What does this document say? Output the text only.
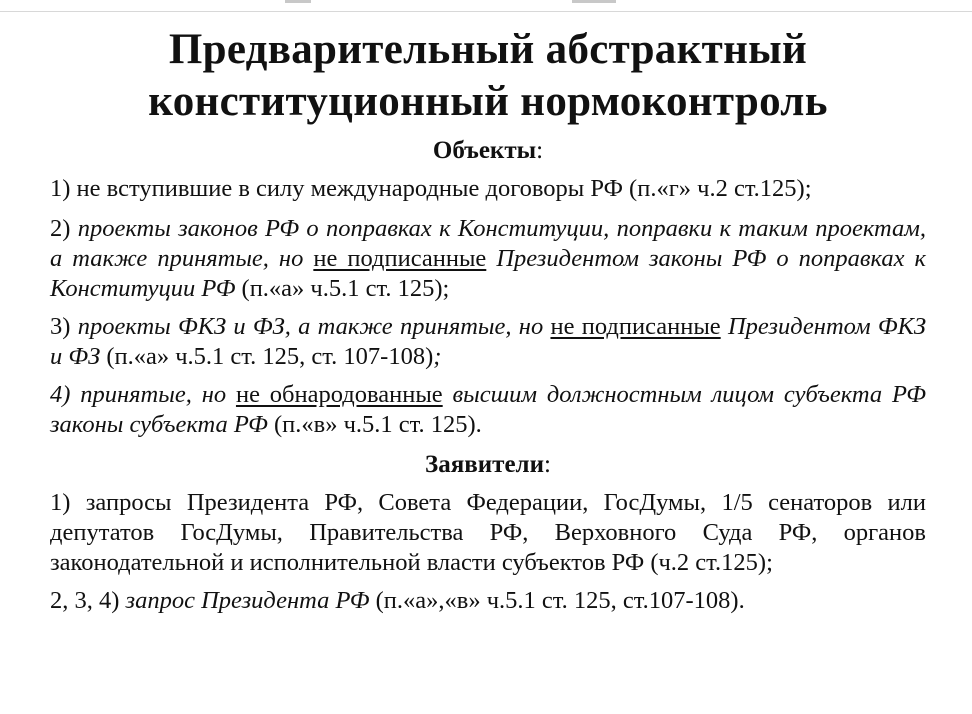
Предварительный абстрактный
конституционный нормоконтроль
Объекты:

1) не вступившие в силу международные договоры РФ (п.«г» ч.2 ст.125);

2) проекты законов РФ о поправках к Конституции, поправки к таким проектам, а также принятые, но не подписанные Президентом законы РФ о поправках к Конституции РФ (п.«а» ч.5.1 ст. 125);

3) проекты ФКЗ и ФЗ, а также принятые, но не подписанные Президентом ФКЗ и ФЗ (п.«а» ч.5.1 ст. 125, ст. 107-108);

4) принятые, но не обнародованные высшим должностным лицом субъекта РФ законы субъекта РФ (п.«в» ч.5.1 ст. 125).

Заявители:

1) запросы Президента РФ, Совета Федерации, ГосДумы, 1/5 сенаторов или депутатов ГосДумы, Правительства РФ, Верховного Суда РФ, органов законодательной и исполнительной власти субъектов РФ (ч.2 ст.125);

2, 3, 4) запрос Президента РФ (п.«а»,«в» ч.5.1 ст. 125, ст.107-108).
